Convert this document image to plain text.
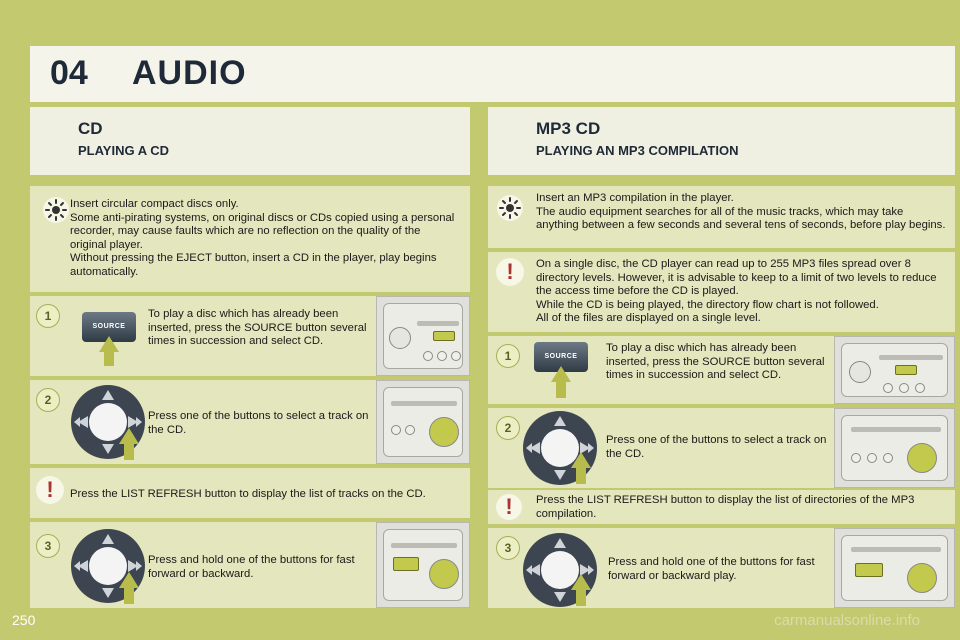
04 AUDIO
CD
PLAYING A CD
MP3 CD
PLAYING AN MP3 COMPILATION
Insert circular compact discs only.
Some anti-pirating systems, on original discs or CDs copied using a personal recorder, may cause faults which are no reflection on the quality of the original player.
Without pressing the EJECT button, insert a CD in the player, play begins automatically.
1
SOURCE
To play a disc which has already been inserted, press the SOURCE button several times in succession and select CD.
2
Press one of the buttons to select a track on the CD.
!	Press the LIST REFRESH button to display the list of tracks on the CD.
3
Press and hold one of the buttons for fast forward or backward.
Insert an MP3 compilation in the player.
The audio equipment searches for all of the music tracks, which may take anything between a few seconds and several tens of seconds, before play begins.
!	On a single disc, the CD player can read up to 255 MP3 files spread over 8 directory levels. However, it is advisable to keep to a limit of two levels to reduce the access time before the CD is played.
While the CD is being played, the directory flow chart is not followed.
All of the files are displayed on a single level.
1	SOURCE
To play a disc which has already been inserted, press the SOURCE button several times in succession and select CD.
2
Press one of the buttons to select a track on the CD.
!	Press the LIST REFRESH button to display the list of directories of the MP3 compilation.
3
Press and hold one of the buttons for fast forward or backward play.
250	carmanualsonline.info
